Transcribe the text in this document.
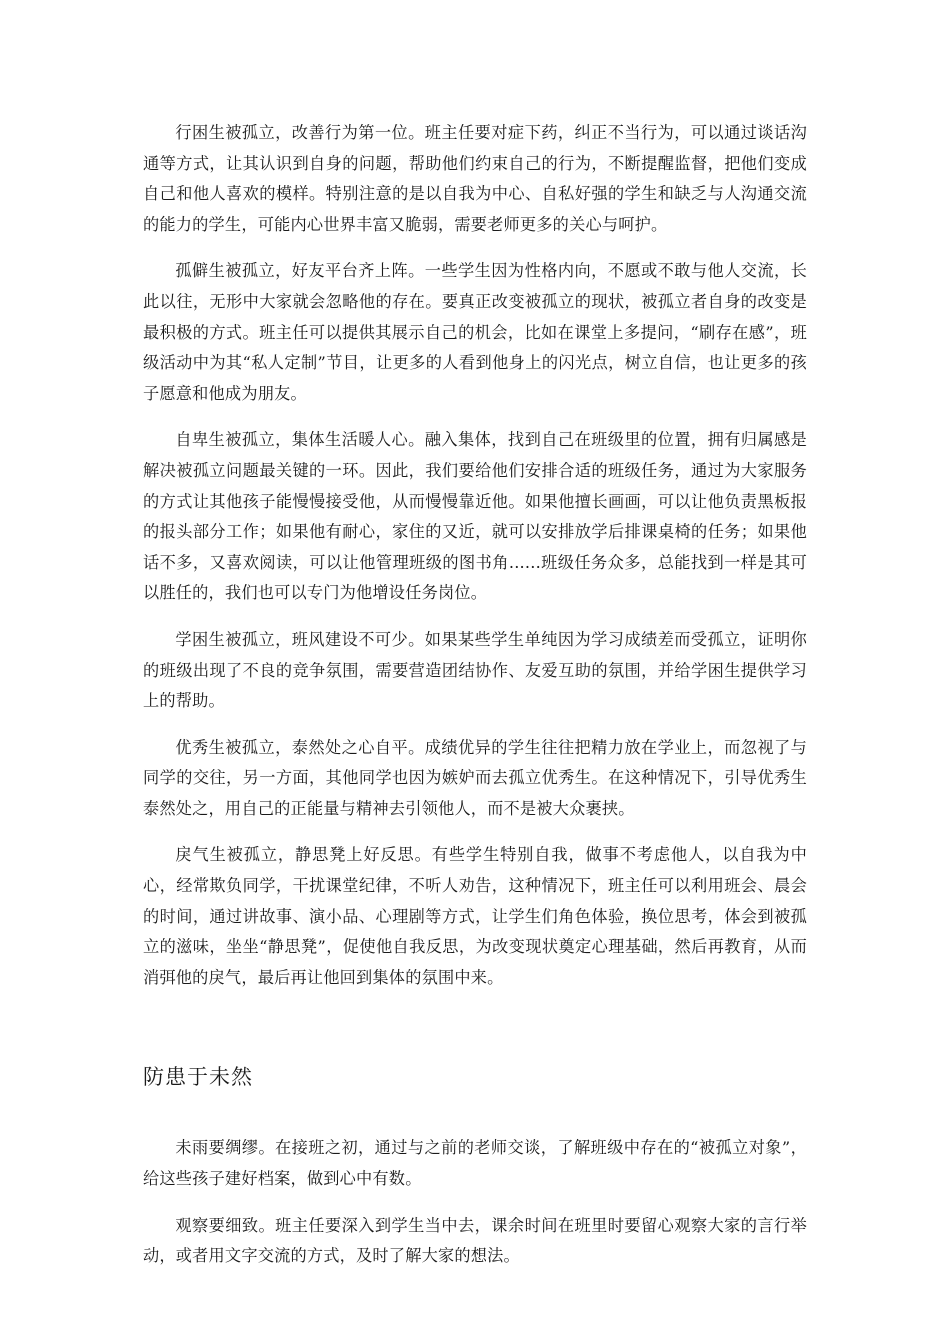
行困生被孤立，改善行为第一位。班主任要对症下药，纠正不当行为，可以通过谈话沟通等方式，让其认识到自身的问题，帮助他们约束自己的行为，不断提醒监督，把他们变成自己和他人喜欢的模样。特别注意的是以自我为中心、自私好强的学生和缺乏与人沟通交流的能力的学生，可能内心世界丰富又脆弱，需要老师更多的关心与呵护。

孤僻生被孤立，好友平台齐上阵。一些学生因为性格内向，不愿或不敢与他人交流，长此以往，无形中大家就会忽略他的存在。要真正改变被孤立的现状，被孤立者自身的改变是最积极的方式。班主任可以提供其展示自己的机会，比如在课堂上多提问，“刷存在感”，班级活动中为其“私人定制”节目，让更多的人看到他身上的闪光点，树立自信，也让更多的孩子愿意和他成为朋友。

自卑生被孤立，集体生活暖人心。融入集体，找到自己在班级里的位置，拥有归属感是解决被孤立问题最关键的一环。因此，我们要给他们安排合适的班级任务，通过为大家服务的方式让其他孩子能慢慢接受他，从而慢慢靠近他。如果他擅长画画，可以让他负责黑板报的报头部分工作；如果他有耐心，家住的又近，就可以安排放学后排课桌椅的任务；如果他话不多，又喜欢阅读，可以让他管理班级的图书角......班级任务众多，总能找到一样是其可以胜任的，我们也可以专门为他增设任务岗位。

学困生被孤立，班风建设不可少。如果某些学生单纯因为学习成绩差而受孤立，证明你的班级出现了不良的竞争氛围，需要营造团结协作、友爱互助的氛围，并给学困生提供学习上的帮助。

优秀生被孤立，泰然处之心自平。成绩优异的学生往往把精力放在学业上，而忽视了与同学的交往，另一方面，其他同学也因为嫉妒而去孤立优秀生。在这种情况下，引导优秀生泰然处之，用自己的正能量与精神去引领他人，而不是被大众裹挟。

戾气生被孤立，静思凳上好反思。有些学生特别自我，做事不考虑他人，以自我为中心，经常欺负同学，干扰课堂纪律，不听人劝告，这种情况下，班主任可以利用班会、晨会的时间，通过讲故事、演小品、心理剧等方式，让学生们角色体验，换位思考，体会到被孤立的滋味，坐坐“静思凳”，促使他自我反思，为改变现状奠定心理基础，然后再教育，从而消弭他的戾气，最后再让他回到集体的氛围中来。

防患于未然

未雨要绸缪。在接班之初，通过与之前的老师交谈，了解班级中存在的“被孤立对象”，给这些孩子建好档案，做到心中有数。

观察要细致。班主任要深入到学生当中去，课余时间在班里时要留心观察大家的言行举动，或者用文字交流的方式，及时了解大家的想法。
